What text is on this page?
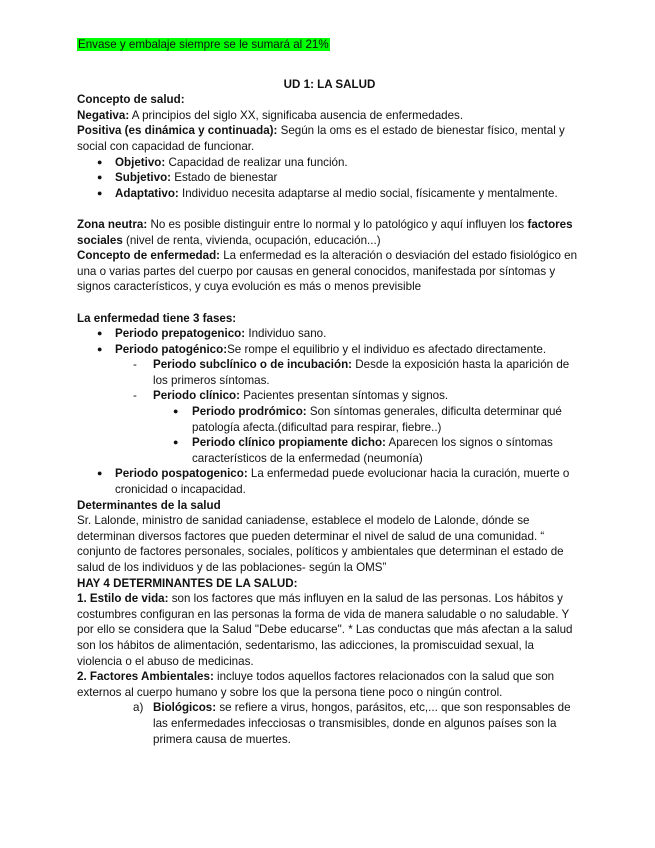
Envase y embalaje siempre se le sumará al 21%
UD 1: LA SALUD
Concepto de salud:
Negativa: A principios del siglo XX, significaba ausencia de enfermedades.
Positiva (es dinámica y continuada): Según la oms es el estado de bienestar físico, mental y social con capacidad de funcionar.
● Objetivo: Capacidad de realizar una función.
● Subjetivo: Estado de bienestar
● Adaptativo: Individuo necesita adaptarse al medio social, físicamente y mentalmente.
Zona neutra: No es posible distinguir entre lo normal y lo patológico y aquí influyen los factores sociales (nivel de renta, vivienda, ocupación, educación...)
Concepto de enfermedad: La enfermedad es la alteración o desviación del estado fisiológico en una o varias partes del cuerpo por causas en general conocidos, manifestada por síntomas y signos característicos, y cuya evolución es más o menos previsible
La enfermedad tiene 3 fases:
● Periodo prepatogenico: Individuo sano.
● Periodo patogénico:Se rompe el equilibrio y el individuo es afectado directamente.
- Periodo subclínico o de incubación: Desde la exposición hasta la aparición de los primeros síntomas.
- Periodo clínico: Pacientes presentan síntomas y signos.
● Periodo prodrómico: Son síntomas generales, dificulta determinar qué patología afecta.(dificultad para respirar, fiebre..)
● Periodo clínico propiamente dicho: Aparecen los signos o síntomas característicos de la enfermedad (neumonía)
● Periodo pospatogenico: La enfermedad puede evolucionar hacia la curación, muerte o cronicidad o incapacidad.
Determinantes de la salud
Sr. Lalonde, ministro de sanidad caniadense, establece el modelo de Lalonde, dónde se determinan diversos factores que pueden determinar el nivel de salud de una comunidad. “ conjunto de factores personales, sociales, políticos y ambientales que determinan el estado de salud de los individuos y de las poblaciones- según la OMS”
HAY 4 DETERMINANTES DE LA SALUD:
1. Estilo de vida: son los factores que más influyen en la salud de las personas. Los hábitos y costumbres configuran en las personas la forma de vida de manera saludable o no saludable. Y por ello se considera que la Salud "Debe educarse". * Las conductas que más afectan a la salud son los hábitos de alimentación, sedentarismo, las adicciones, la promiscuidad sexual, la violencia o el abuso de medicinas.
2. Factores Ambientales: incluye todos aquellos factores relacionados con la salud que son externos al cuerpo humano y sobre los que la persona tiene poco o ningún control.
a) Biológicos: se refiere a virus, hongos, parásitos, etc,... que son responsables de las enfermedades infecciosas o transmisibles, donde en algunos países son la primera causa de muertes.
